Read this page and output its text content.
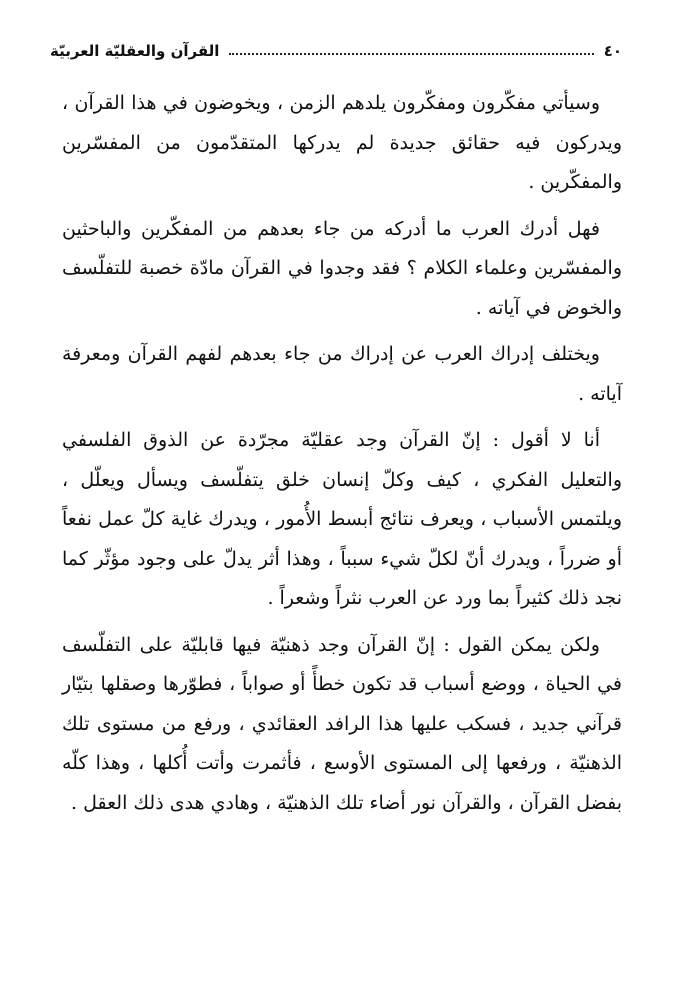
٤٠
القرآن والعقليّة العربيّة

وسيأتي مفكّرون ومفكّرون يلدهم الزمن ، ويخوضون في هذا القرآن ، ويدركون فيه حقائق جديدة لم يدركها المتقدّمون من المفسّرين والمفكّرين .

فهل أدرك العرب ما أدركه من جاء بعدهم من المفكّرين والباحثين والمفسّرين وعلماء الكلام ؟ فقد وجدوا في القرآن مادّة خصبة للتفلّسف والخوض في آياته .

ويختلف إدراك العرب عن إدراك من جاء بعدهم لفهم القرآن ومعرفة آياته .

أنا لا أقول : إنّ القرآن وجد عقليّة مجرّدة عن الذوق الفلسفي والتعليل الفكري ، كيف وكلّ إنسان خلق يتفلّسف ويسأل ويعلّل ، ويلتمس الأسباب ، ويعرف نتائج أبسط الأُمور ، ويدرك غاية كلّ عمل نفعاً أو ضرراً ، ويدرك أنّ لكلّ شيء سبباً ، وهذا أثر يدلّ على وجود مؤثّر كما نجد ذلك كثيراً بما ورد عن العرب نثراً وشعراً .

ولكن يمكن القول : إنّ القرآن وجد ذهنيّة فيها قابليّة على التفلّسف في الحياة ، ووضع أسباب قد تكون خطأً أو صواباً ، فطوّرها وصقلها بتيّار قرآني جديد ، فسكب عليها هذا الرافد العقائدي ، ورفع من مستوى تلك الذهنيّة ، ورفعها إلى المستوى الأوسع ، فأثمرت وأتت أُكلها ، وهذا كلّه بفضل القرآن ، والقرآن نور أضاء تلك الذهنيّة ، وهادي هدى ذلك العقل .
